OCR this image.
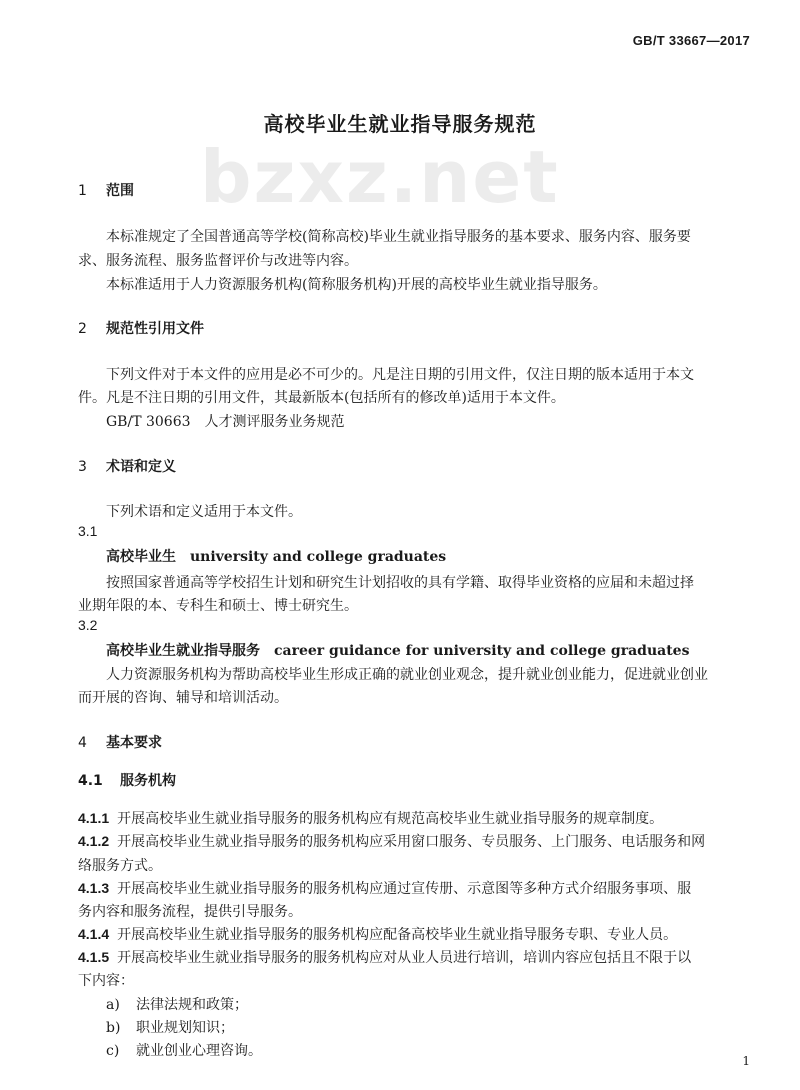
GB/T 33667—2017
高校毕业生就业指导服务规范
bzxz.net
1 范围
本标准规定了全国普通高等学校(简称高校)毕业生就业指导服务的基本要求、服务内容、服务要
求、服务流程、服务监督评价与改进等内容。
本标准适用于人力资源服务机构(简称服务机构)开展的高校毕业生就业指导服务。
2 规范性引用文件
下列文件对于本文件的应用是必不可少的。凡是注日期的引用文件，仅注日期的版本适用于本文
件。凡是不注日期的引用文件，其最新版本(包括所有的修改单)适用于本文件。
GB/T 30663　人才测评服务业务规范
3 术语和定义
下列术语和定义适用于本文件。
3.1
高校毕业生 university and college graduates
按照国家普通高等学校招生计划和研究生计划招收的具有学籍、取得毕业资格的应届和未超过择
业期年限的本、专科生和硕士、博士研究生。
3.2
高校毕业生就业指导服务 career guidance for university and college graduates
人力资源服务机构为帮助高校毕业生形成正确的就业创业观念，提升就业创业能力，促进就业创业
而开展的咨询、辅导和培训活动。
4 基本要求
4.1 服务机构
4.1.1 开展高校毕业生就业指导服务的服务机构应有规范高校毕业生就业指导服务的规章制度。
4.1.2 开展高校毕业生就业指导服务的服务机构应采用窗口服务、专员服务、上门服务、电话服务和网
络服务方式。
4.1.3 开展高校毕业生就业指导服务的服务机构应通过宣传册、示意图等多种方式介绍服务事项、服
务内容和服务流程，提供引导服务。
4.1.4 开展高校毕业生就业指导服务的服务机构应配备高校毕业生就业指导服务专职、专业人员。
4.1.5 开展高校毕业生就业指导服务的服务机构应对从业人员进行培训，培训内容应包括且不限于以
下内容：
a) 法律法规和政策；
b) 职业规划知识；
c) 就业创业心理咨询。
1
